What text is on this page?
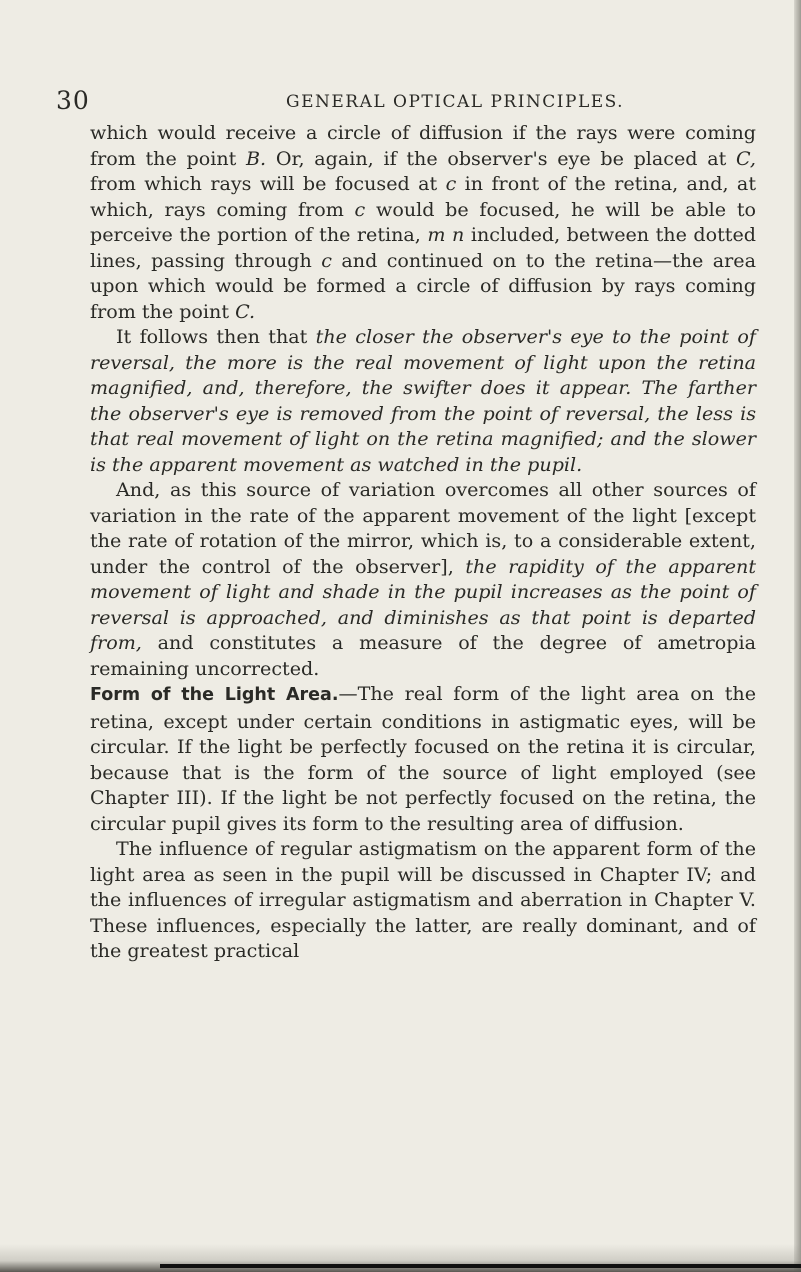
30	GENERAL OPTICAL PRINCIPLES.

which would receive a circle of diffusion if the rays were coming from the point B. Or, again, if the observer's eye be placed at C, from which rays will be focused at c in front of the retina, and, at which, rays coming from c would be focused, he will be able to perceive the portion of the retina, m n included, between the dotted lines, passing through c and continued on to the retina—the area upon which would be formed a circle of diffusion by rays coming from the point C.

It follows then that the closer the observer's eye to the point of reversal, the more is the real movement of light upon the retina magnified, and, therefore, the swifter does it appear. The farther the observer's eye is removed from the point of reversal, the less is that real movement of light on the retina magnified; and the slower is the apparent movement as watched in the pupil.

And, as this source of variation overcomes all other sources of variation in the rate of the apparent movement of the light [except the rate of rotation of the mirror, which is, to a considerable extent, under the control of the observer], the rapidity of the apparent movement of light and shade in the pupil increases as the point of reversal is approached, and diminishes as that point is departed from, and constitutes a measure of the degree of ametropia remaining uncorrected.

Form of the Light Area.—The real form of the light area on the retina, except under certain conditions in astigmatic eyes, will be circular. If the light be perfectly focused on the retina it is circular, because that is the form of the source of light employed (see Chapter III). If the light be not perfectly focused on the retina, the circular pupil gives its form to the resulting area of diffusion.

The influence of regular astigmatism on the apparent form of the light area as seen in the pupil will be discussed in Chapter IV; and the influences of irregular astigmatism and aberration in Chapter V. These influences, especially the latter, are really dominant, and of the greatest practical
